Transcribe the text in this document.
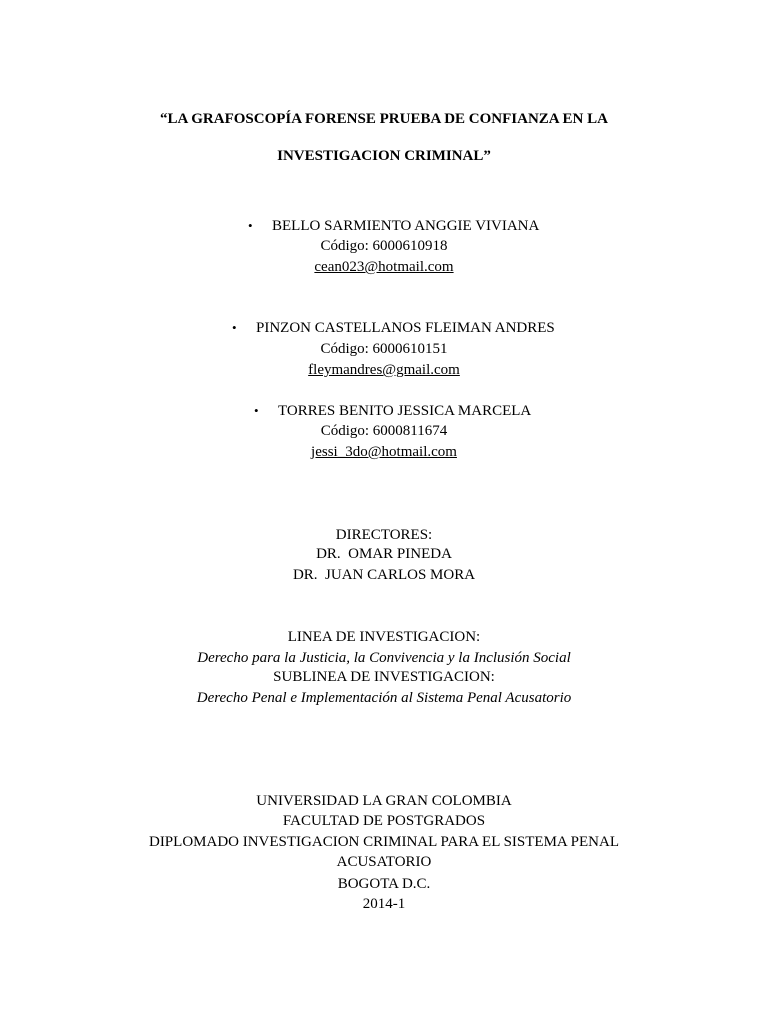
“LA GRAFOSCOPÍA FORENSE PRUEBA DE CONFIANZA EN LA
INVESTIGACION CRIMINAL”
• BELLO SARMIENTO ANGGIE VIVIANA
Código: 6000610918
cean023@hotmail.com
• PINZON CASTELLANOS FLEIMAN ANDRES
Código: 6000610151
fleymandres@gmail.com
• TORRES BENITO JESSICA MARCELA
Código: 6000811674
jessi_3do@hotmail.com
DIRECTORES:
DR.  OMAR PINEDA
DR.  JUAN CARLOS MORA
LINEA DE INVESTIGACION:
Derecho para la Justicia, la Convivencia y la Inclusión Social
SUBLINEA DE INVESTIGACION:
Derecho Penal e Implementación al Sistema Penal Acusatorio
UNIVERSIDAD LA GRAN COLOMBIA
FACULTAD DE POSTGRADOS
DIPLOMADO INVESTIGACION CRIMINAL PARA EL SISTEMA PENAL
ACUSATORIO
BOGOTA D.C.
2014-1
